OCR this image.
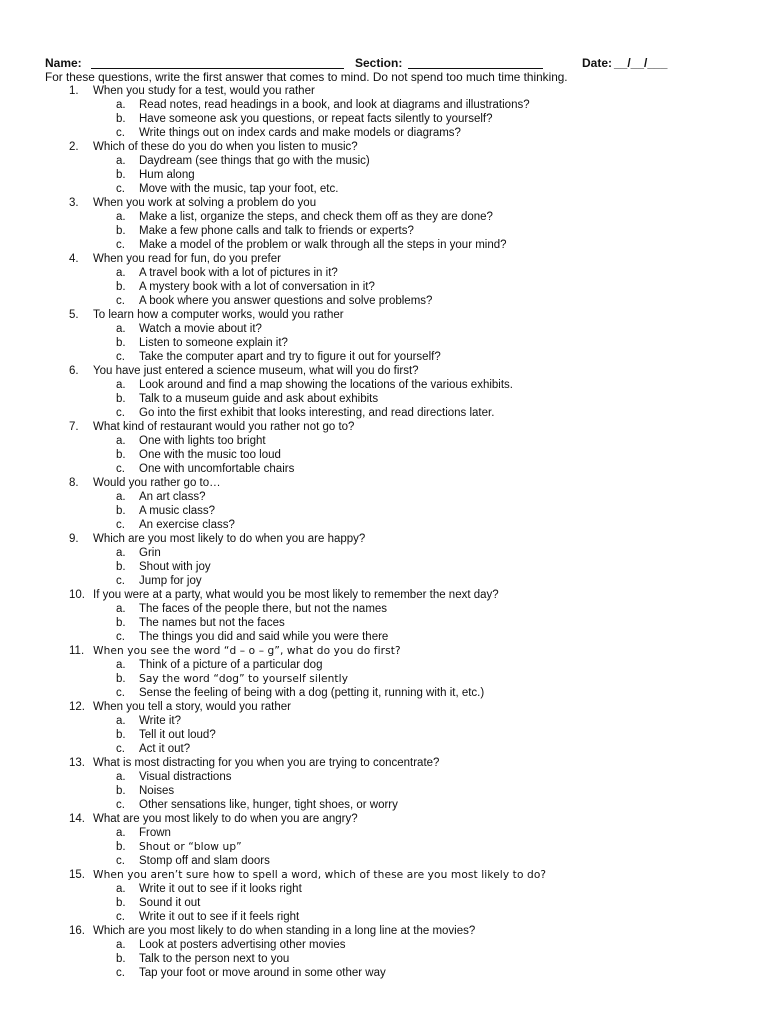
Name:	Section:	Date: __/__/___
For these questions, write the first answer that comes to mind. Do not spend too much time thinking.
1. When you study for a test, would you rather
a. Read notes, read headings in a book, and look at diagrams and illustrations?
b. Have someone ask you questions, or repeat facts silently to yourself?
c. Write things out on index cards and make models or diagrams?
2. Which of these do you do when you listen to music?
a. Daydream (see things that go with the music)
b. Hum along
c. Move with the music, tap your foot, etc.
3. When you work at solving a problem do you
a. Make a list, organize the steps, and check them off as they are done?
b. Make a few phone calls and talk to friends or experts?
c. Make a model of the problem or walk through all the steps in your mind?
4. When you read for fun, do you prefer
a. A travel book with a lot of pictures in it?
b. A mystery book with a lot of conversation in it?
c. A book where you answer questions and solve problems?
5. To learn how a computer works, would you rather
a. Watch a movie about it?
b. Listen to someone explain it?
c. Take the computer apart and try to figure it out for yourself?
6. You have just entered a science museum, what will you do first?
a. Look around and find a map showing the locations of the various exhibits.
b. Talk to a museum guide and ask about exhibits
c. Go into the first exhibit that looks interesting, and read directions later.
7. What kind of restaurant would you rather not go to?
a. One with lights too bright
b. One with the music too loud
c. One with uncomfortable chairs
8. Would you rather go to…
a. An art class?
b. A music class?
c. An exercise class?
9. Which are you most likely to do when you are happy?
a. Grin
b. Shout with joy
c. Jump for joy
10. If you were at a party, what would you be most likely to remember the next day?
a. The faces of the people there, but not the names
b. The names but not the faces
c. The things you did and said while you were there
11. When you see the word “d – o – g”, what do you do first?
a. Think of a picture of a particular dog
b. Say the word “dog” to yourself silently
c. Sense the feeling of being with a dog (petting it, running with it, etc.)
12. When you tell a story, would you rather
a. Write it?
b. Tell it out loud?
c. Act it out?
13. What is most distracting for you when you are trying to concentrate?
a. Visual distractions
b. Noises
c. Other sensations like, hunger, tight shoes, or worry
14. What are you most likely to do when you are angry?
a. Frown
b. Shout or “blow up”
c. Stomp off and slam doors
15. When you aren’t sure how to spell a word, which of these are you most likely to do?
a. Write it out to see if it looks right
b. Sound it out
c. Write it out to see if it feels right
16. Which are you most likely to do when standing in a long line at the movies?
a. Look at posters advertising other movies
b. Talk to the person next to you
c. Tap your foot or move around in some other way
